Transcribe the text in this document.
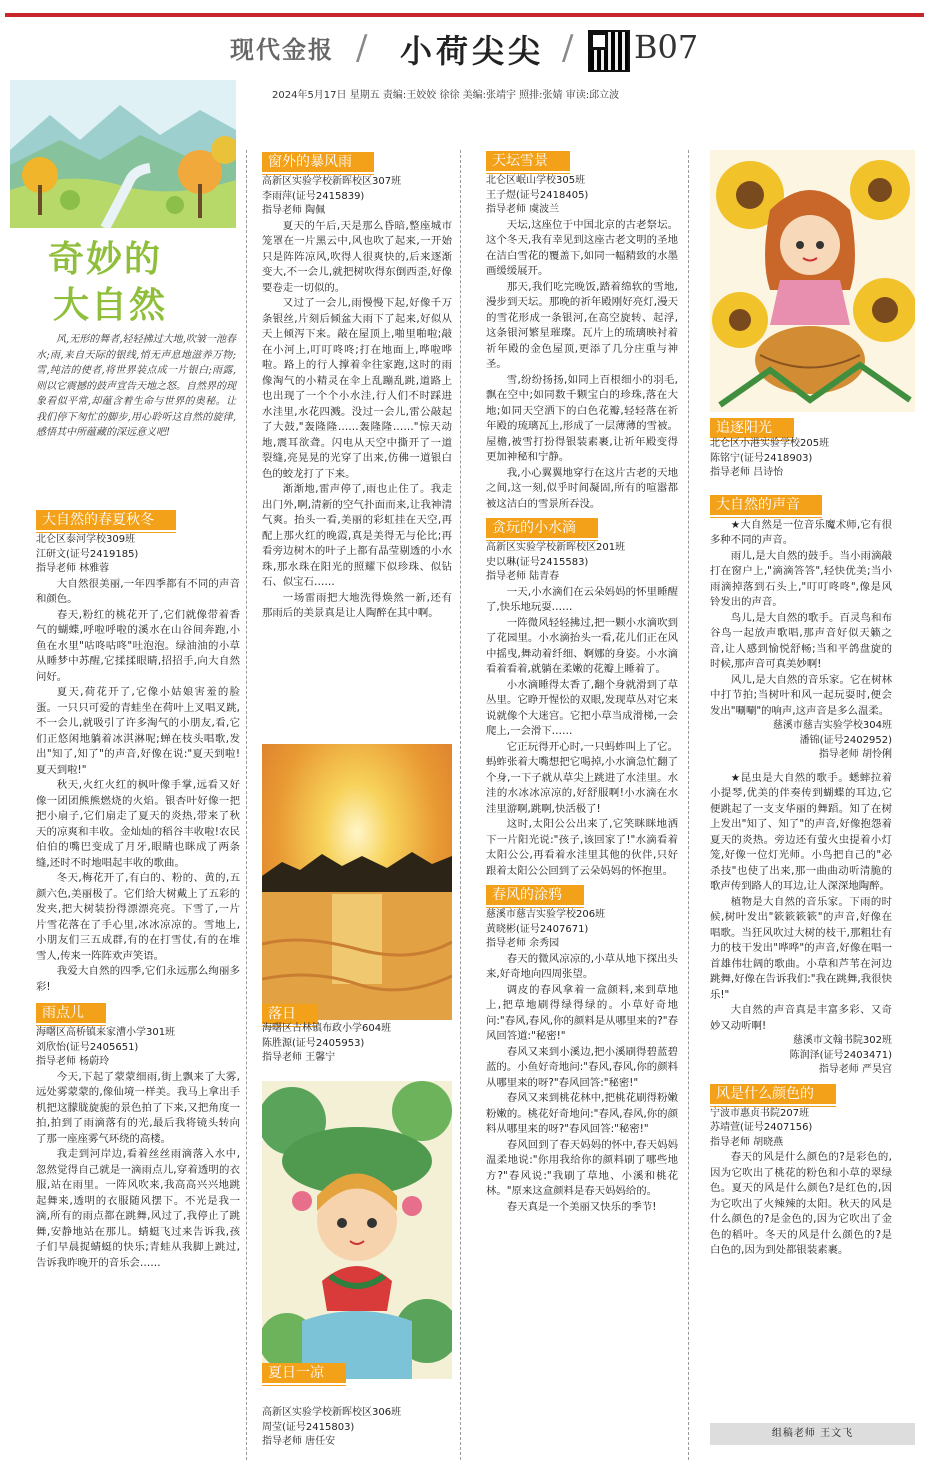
现代金报 / 小荷尖尖 / B07
2024年5月17日 星期五 责编:王姣姣 徐徐 美编:张靖宇 照排:张婧 审读:邱立波
奇妙的
大自然
风,无形的舞者,轻轻拂过大地,吹皱一池春水;雨,来自天际的银线,悄无声息地滋养万物;雪,纯洁的使者,将世界装点成一片银白;雨露,则以它震撼的鼓声宣告天地之怒。自然界的现象看似平常,却蕴含着生命与世界的奥秘。让我们停下匆忙的脚步,用心聆听这自然的旋律,感悟其中所蕴藏的深远意义吧!
大自然的春夏秋冬
北仑区泰河学校309班
江研文(证号2419185)
指导老师 林雅蓉

大自然很美丽,一年四季都有不同的声音和颜色。

春天,粉红的桃花开了,它们就像带着香气的蝴蝶,呼啦呼啦的溪水在山谷间奔跑,小鱼在水里"咕咚咕咚"吐泡泡。绿油油的小草从睡梦中苏醒,它揉揉眼睛,招招手,向大自然问好。

夏天,荷花开了,它像小姑娘害羞的脸蛋。一只只可爱的青蛙坐在荷叶上叉唱叉跳,不一会儿,就吸引了许多淘气的小朋友,看,它们正悠闲地躺着冰淇淋呢;蝉在枝头唱歌,发出"知了,知了"的声音,好像在说:"夏天到啦!夏天到啦!"

秋天,火红火红的枫叶像手掌,远看又好像一团团熊熊燃烧的火焰。银杏叶好像一把把小扇子,它们扇走了夏天的炎热,带来了秋天的凉爽和丰收。金灿灿的稻谷丰收啦!农民伯伯的嘴巴变成了月牙,眼睛也眯成了两条缝,还时不时地唱起丰收的歌曲。

冬天,梅花开了,有白的、粉的、黄的,五颜六色,美丽极了。它们给大树戴上了五彩的发夹,把大树装扮得漂漂亮亮。下雪了,一片片雪花落在了手心里,冰冰凉凉的。雪地上,小朋友们三五成群,有的在打雪仗,有的在堆雪人,传来一阵阵欢声笑语。

我爱大自然的四季,它们永远那么绚丽多彩!

雨点儿
海曙区高桥镇来家漕小学301班
刘欣怡(证号2405651)
指导老师 杨蔚玲

今天,下起了蒙蒙细雨,街上飘来了大雾,远处雾蒙蒙的,像仙境一样美。我马上拿出手机把这朦胧旋旎的景色拍了下来,又把角度一拍,拍到了雨滴落有的光,最后我将镜头转向了那一座座雾气环绕的高楼。

我走到河岸边,看着丝丝雨滴落入水中,忽然觉得自己就是一滴雨点儿,穿着透明的衣服,站在雨里。一阵风吹来,我高高兴兴地跳起舞来,透明的衣服随风摆下。不光是我一滴,所有的雨点都在跳舞,风过了,我停止了跳舞,安静地站在那儿。蜻蜓飞过来告诉我,孩子们早晨捉蜻蜓的快乐;青蛙从我脚上跳过,告诉我昨晚开的音乐会……

窗外的暴风雨
高新区实验学校新晖校区307班
李雨萍(证号2415839)
指导老师 陶佩

夏天的午后,天是那么昏暗,整座城市笼罩在一片黑云中,风也吹了起来,一开始只是阵阵凉风,吹得人很爽快的,后来逐渐变大,不一会儿,就把树吹得东倒西歪,好像要卷走一切似的。

又过了一会儿,雨慢慢下起,好像千万条银丝,片刻后倾盆大雨下了起来,好似从天上倾泻下来。敲在屋顶上,啪里啪啦;敲在小河上,叮叮咚咚;打在地面上,哗啦哗啦。路上的行人撑着伞往家跑,这时的雨像淘气的小精灵在伞上乱蹦乱跳,道路上也出现了一个个小水洼,行人们不时踩进水洼里,水花四溅。没过一会儿,雷公敲起了大鼓,"轰隆隆……轰隆隆……"惊天动地,震耳欲聋。闪电从天空中撕开了一道裂缝,亮晃晃的光穿了出来,仿佛一道银白色的蛟龙打了下来。

渐渐地,雷声停了,雨也止住了。我走出门外,啊,清新的空气扑面而来,让我神清气爽。抬头一看,美丽的彩虹挂在天空,再配上那火红的晚霞,真是美得无与伦比;再看旁边树木的叶子上都有晶莹剔透的小水珠,那水珠在阳光的照耀下似珍珠、似钻石、似宝石……

一场雷雨把大地洗得焕然一新,还有那雨后的美景真是让人陶醉在其中啊。

落日
海曙区古林镇布政小学604班
陈胜源(证号2405953)
指导老师 王馨宁
夏日一凉
高新区实验学校新晖校区306班
周莹(证号2415803)
指导老师 唐任安
天坛雪景
北仑区岷山学校305班
王子煜(证号2418405)
指导老师 虞波兰

天坛,这座位于中国北京的古老祭坛。这个冬天,我有幸见到这座古老文明的圣地在洁白雪花的覆盖下,如同一幅精致的水墨画缓缓展开。

那天,我们吃完晚饭,踏着绵软的雪地,漫步到天坛。那晚的祈年殿刚好亮灯,漫天的雪花形成一条银河,在高空旋转、起浮,这条银河繁星璀璨。瓦片上的琉璃映衬着祈年殿的金色屋顶,更添了几分庄重与神圣。

雪,纷纷扬扬,如同上百根细小的羽毛,飘在空中;如同数千颗宝白的珍珠,落在大地;如同天空洒下的白色花瓣,轻轻落在祈年殿的琉璃瓦上,形成了一层薄薄的雪被。屋檐,被雪打扮得银装素裹,让祈年殿变得更加神秘和宁静。

我,小心翼翼地穿行在这片古老的天地之间,这一刻,似乎时间凝固,所有的喧嚣都被这洁白的雪景所吞没。

贪玩的小水滴
高新区实验学校新晖校区201班
史以琳(证号2415583)
指导老师 陆青春

一天,小水滴们在云朵妈妈的怀里睡醒了,快乐地玩耍……

一阵微风轻轻拂过,把一颗小水滴吹到了花园里。小水滴抬头一看,花儿们正在风中摇曳,舞动着纤细、婀娜的身姿。小水滴看着看着,就躺在柔嫩的花瓣上睡着了。

小水滴睡得太香了,翻个身就滑到了草丛里。它睁开惺忪的双眼,发现草丛对它来说就像个大迷宫。它把小草当成滑梯,一会爬上,一会滑下……

它正玩得开心时,一只蚂蚱叫上了它。蚂蚱张着大嘴想把它喝掉,小水滴急忙翻了个身,一下子就从草尖上跳进了水洼里。水洼的水冰冰凉凉的,好舒服啊!小水滴在水洼里游啊,跳啊,快活极了!

这时,太阳公公出来了,它笑眯眯地洒下一片阳光说:"孩子,该回家了!"水滴看着太阳公公,再看着水洼里其他的伙伴,只好跟着太阳公公回到了云朵妈妈的怀抱里。

春风的涂鸦
慈溪市慈吉实验学校206班
黄晓彬(证号2407671)
指导老师 余秀园

春天的微风凉凉的,小草从地下探出头来,好奇地向四周张望。

调皮的春风拿着一盒颜料,来到草地上,把草地刷得绿得绿的。小草好奇地问:"春风,春风,你的颜料是从哪里来的?"春风回答道:"秘密!"

春风又来到小溪边,把小溪刷得碧蓝碧蓝的。小鱼好奇地问:"春风,春风,你的颜料从哪里来的呀?"春风回答:"秘密!"

春风又来到桃花林中,把桃花刷得粉嫩粉嫩的。桃花好奇地问:"春风,春风,你的颜料从哪里来的呀?"春风回答:"秘密!"

春风回到了春天妈妈的怀中,春天妈妈温柔地说:"你用我给你的颜料刷了哪些地方?"春风说:"我刷了草地、小溪和桃花林。"原来这盒颜料是春天妈妈给的。

春天真是一个美丽又快乐的季节!

追逐阳光
北仑区小港实验学校205班
陈铭宁(证号2418903)
指导老师 吕诗怡
大自然的声音

★大自然是一位音乐魔术师,它有很多种不同的声音。

雨儿,是大自然的鼓手。当小雨滴敲打在窗户上,"滴滴答答",轻快优美;当小雨滴掉落到石头上,"叮叮咚咚",像是风铃发出的声音。

鸟儿,是大自然的歌手。百灵鸟和布谷鸟一起放声歌唱,那声音好似天籁之音,让人感到愉悦舒畅;当和平鸽盘旋的时候,那声音可真美妙啊!

风儿,是大自然的音乐家。它在树林中打节拍;当树叶和风一起玩耍时,便会发出"唰唰"的响声,这声音是多么温柔。

慈溪市慈吉实验学校304班
潘锦(证号2402952)
指导老师 胡怜俐

★昆虫是大自然的歌手。蟋蟀拉着小提琴,优美的伴奏传到蝴蝶的耳边,它便跳起了一支支华丽的舞蹈。知了在树上发出"知了、知了"的声音,好像抱怨着夏天的炎热。旁边还有萤火虫提着小灯笼,好像一位灯光师。小鸟把自己的"必杀技"也使了出来,那一曲曲动听清脆的歌声传到路人的耳边,让人深深地陶醉。

植物是大自然的音乐家。下雨的时候,树叶发出"簌簌簌簌"的声音,好像在唱歌。当狂风吹过大树的枝干,那粗壮有力的枝干发出"哗哗"的声音,好像在唱一首雄伟壮阔的歌曲。小草和芦苇在河边跳舞,好像在告诉我们:"我在跳舞,我很快乐!"

大自然的声音真是丰富多彩、又奇妙又动听啊!

慈溪市文翰书院302班
陈润泽(证号2403471)
指导老师 严昊宫
风是什么颜色的
宁波市惠贞书院207班
苏靖萱(证号2407156)
指导老师 胡晓燕

春天的风是什么颜色的?是彩色的,因为它吹出了桃花的粉色和小草的翠绿色。夏天的风是什么颜色?是红色的,因为它吹出了火辣辣的太阳。秋天的风是什么颜色的?是金色的,因为它吹出了金色的稻叶。冬天的风是什么颜色的?是白色的,因为到处都银装素裹。

组稿老师 王文飞
